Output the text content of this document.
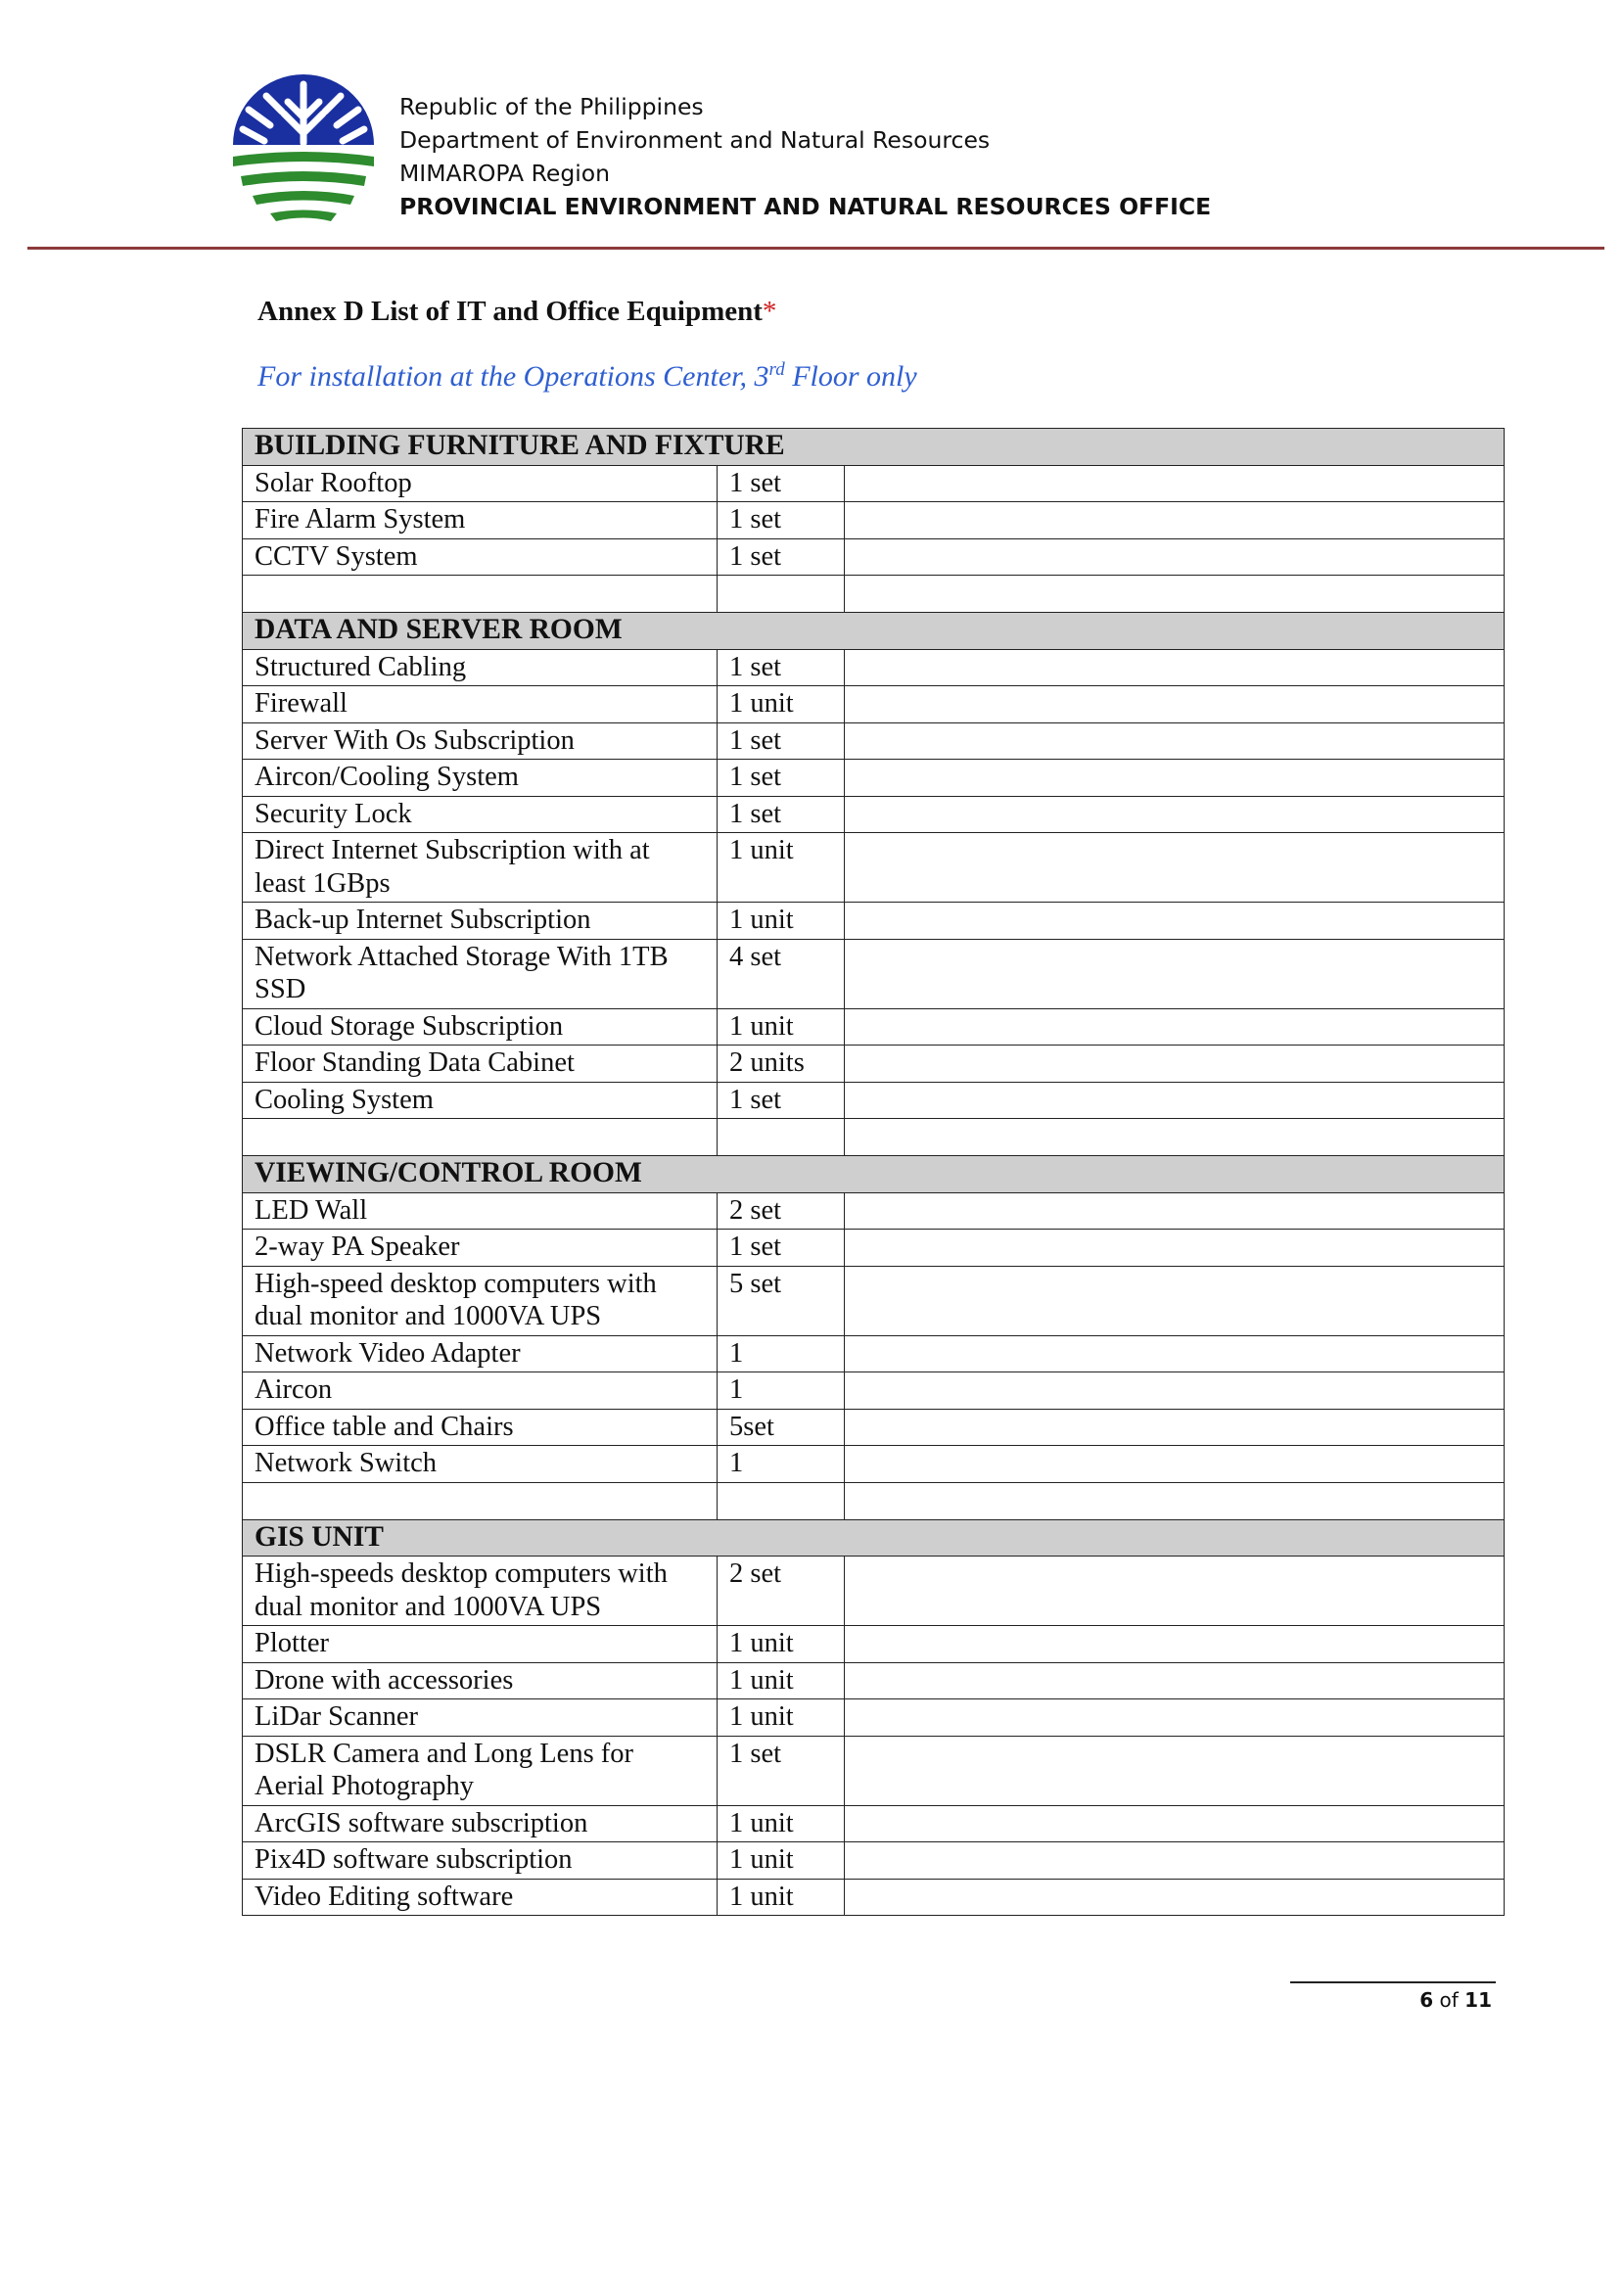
Republic of the Philippines
Department of Environment and Natural Resources
MIMAROPA Region
PROVINCIAL ENVIRONMENT AND NATURAL RESOURCES OFFICE
Annex D List of IT and Office Equipment*
For installation at the Operations Center, 3rd Floor only
BUILDING FURNITURE AND FIXTURE		
Solar Rooftop	1 set	
Fire Alarm System	1 set	
CCTV System	1 set	

DATA AND SERVER ROOM		
Structured Cabling	1 set	
Firewall	1 unit	
Server With Os Subscription	1 set	
Aircon/Cooling System	1 set	
Security Lock	1 set	
Direct Internet Subscription with at least 1GBps	1 unit	
Back-up Internet Subscription	1 unit	
Network Attached Storage With 1TB SSD	4 set	
Cloud Storage Subscription	1 unit	
Floor Standing Data Cabinet	2 units	
Cooling System	1 set	

VIEWING/CONTROL ROOM		
LED Wall	2 set	
2-way PA Speaker	1 set	
High-speed desktop computers with dual monitor and 1000VA UPS	5 set	
Network Video Adapter	1	
Aircon	1	
Office table and Chairs	5set	
Network Switch	1	

GIS UNIT		
High-speeds desktop computers with dual monitor and 1000VA UPS	2 set	
Plotter	1 unit	
Drone with accessories	1 unit	
LiDar Scanner	1 unit	
DSLR Camera and Long Lens for Aerial Photography	1 set	
ArcGIS software subscription	1 unit	
Pix4D software subscription	1 unit	
Video Editing software	1 unit	
6 of 11
